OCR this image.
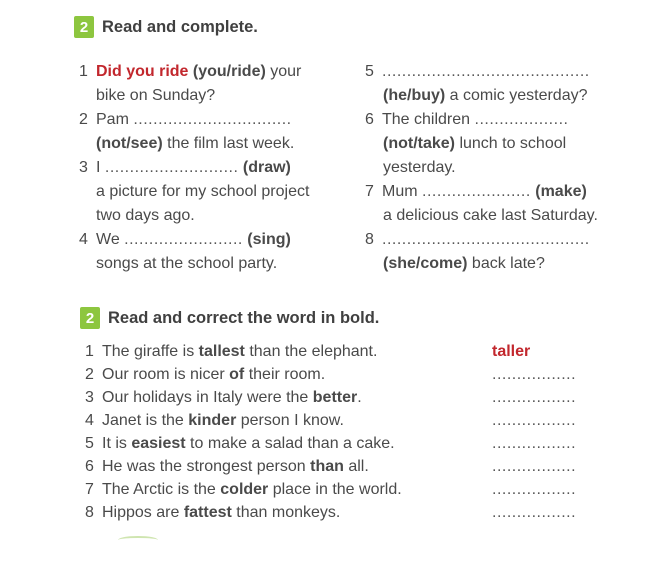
2 Read and complete.
1 Did you ride (you/ride) your
bike on Sunday?
2 Pam ................................
(not/see) the film last week.
3 I ........................... (draw)
a picture for my school project
two days ago.
4 We ........................ (sing)
songs at the school party.
5 ..........................................
(he/buy) a comic yesterday?
6 The children ...................
(not/take) lunch to school
yesterday.
7 Mum ...................... (make)
a delicious cake last Saturday.
8 ..........................................
(she/come) back late?
2 Read and correct the word in bold.
1 The giraffe is tallest than the elephant.	taller
2 Our room is nicer of their room.	.................
3 Our holidays in Italy were the better.	.................
4 Janet is the kinder person I know.	.................
5 It is easiest to make a salad than a cake.	.................
6 He was the strongest person than all.	.................
7 The Arctic is the colder place in the world.	.................
8 Hippos are fattest than monkeys.	.................
